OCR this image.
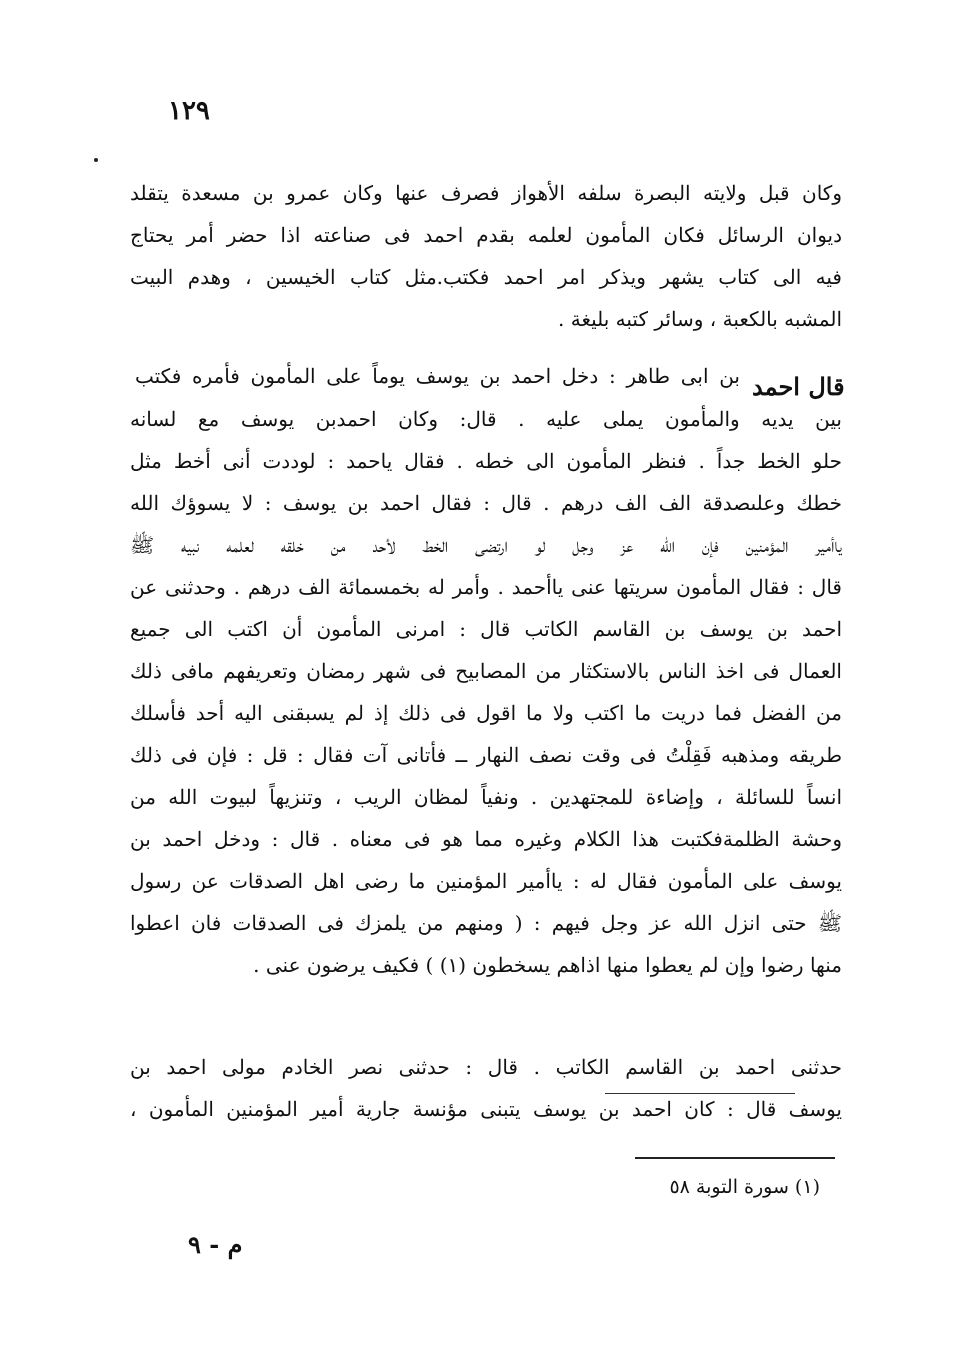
١٢٩
وكان قبل ولايته البصرة سلفه الأهواز فصرف عنها وكان عمرو بن مسعدة يتقلد
ديوان الرسائل فكان المأمون لعلمه بقدم احمد فى صناعته اذا حضر أمر يحتاج
فيه الى كتاب يشهر ويذكر امر احمد فكتب.مثل كتاب الخيسين ، وهدم البيت
المشبه بالكعبة ، وسائر كتبه بليغة .
قال احمد
بن ابى طاهر : دخل احمد بن يوسف يوماً على المأمون فأمره فكتب
بين يديه والمأمون يملى عليه . قال: وكان احمدبن يوسف مع لسانه
حلو الخط جداً . فنظر المأمون الى خطه . فقال ياحمد : لوددت أنى أخط مثل
خطك وعلىصدقة الف الف درهم . قال : فقال احمد بن يوسف : لا يسوؤك الله
ياأمير المؤمنين فإن الله عز وجل لو ارتضى الخط لأحد من خلقه لعلمه نبيه ﷺ
قال : فقال المأمون سريتها عنى ياأحمد . وأمر له بخمسمائة الف درهم . وحدثنى عن
احمد بن يوسف بن القاسم الكاتب قال : امرنى المأمون أن اكتب الى جميع
العمال فى اخذ الناس بالاستكثار من المصابيح فى شهر رمضان وتعريفهم مافى ذلك
من الفضل فما دريت ما اكتب ولا ما اقول فى ذلك إذ لم يسبقنى اليه أحد فأسلك
طريقه ومذهبه فَقِلْتُ فى وقت نصف النهار ــ فأتانى آت فقال : قل : فإن فى ذلك
انساً للسائلة ، وإضاءة للمجتهدين . ونفياً لمظان الريب ، وتنزيهاً لبيوت الله من
وحشة الظلمةفكتبت هذا الكلام وغيره مما هو فى معناه . قال : ودخل احمد بن
يوسف على المأمون فقال له : ياأمير المؤمنين ما رضى اهل الصدقات عن رسول
ﷺ حتى انزل الله عز وجل فيهم : ( ومنهم من يلمزك فى الصدقات فان اعطوا
منها رضوا وإن لم يعطوا منها اذاهم يسخطون (١) ) فكيف يرضون عنى .
حدثنى احمد بن القاسم الكاتب . قال : حدثنى نصر الخادم مولى احمد بن
يوسف قال : كان احمد بن يوسف يتبنى مؤنسة جارية أمير المؤمنين المأمون ،
(١) سورة التوبة ٥٨
م - ٩
